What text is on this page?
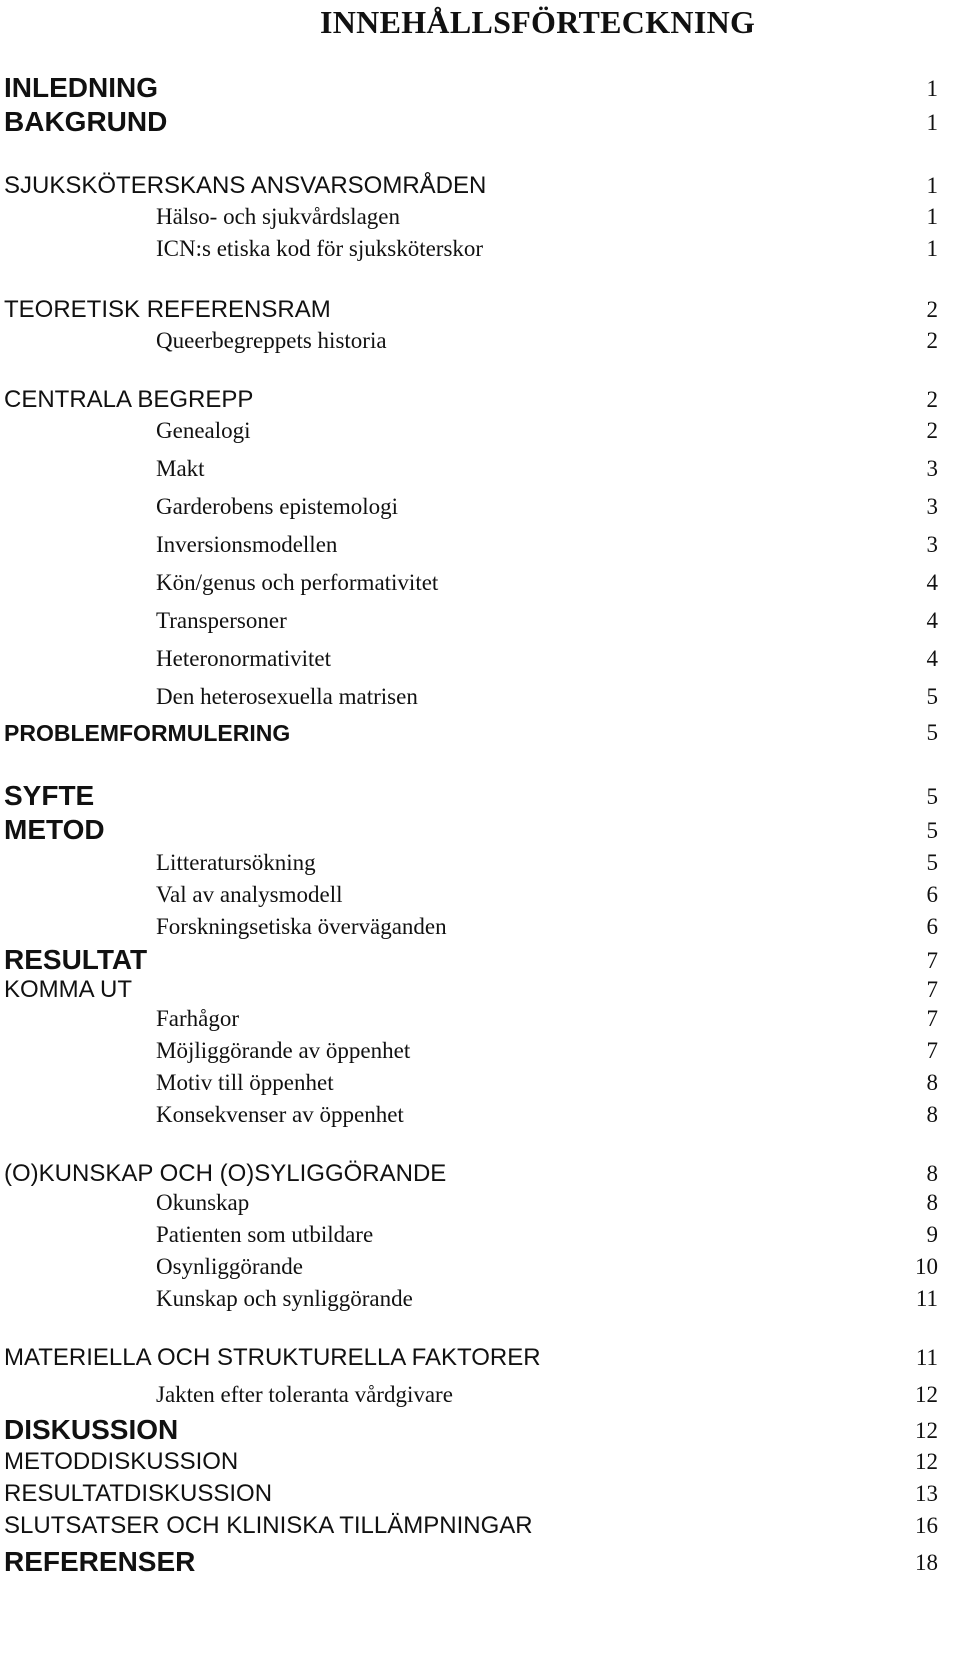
INNEHÅLLSFÖRTECKNING
INLEDNING	1
BAKGRUND	1
SJUKSKÖTERSKANS ANSVARSOMRÅDEN	1
Hälso- och sjukvårdslagen	1
ICN:s etiska kod för sjuksköterskor	1
TEORETISK REFERENSRAM	2
Queerbegreppets historia	2
CENTRALA BEGREPP	2
Genealogi	2
Makt	3
Garderobens epistemologi	3
Inversionsmodellen	3
Kön/genus och performativitet	4
Transpersoner	4
Heteronormativitet	4
Den heterosexuella matrisen	5
PROBLEMFORMULERING	5
SYFTE	5
METOD	5
Litteratursökning	5
Val av analysmodell	6
Forskningsetiska överväganden	6
RESULTAT	7
KOMMA UT	7
Farhågor	7
Möjliggörande av öppenhet	7
Motiv till öppenhet	8
Konsekvenser av öppenhet	8
(O)KUNSKAP OCH (O)SYLIGGÖRANDE	8
Okunskap	8
Patienten som utbildare	9
Osynliggörande	10
Kunskap och synliggörande	11
MATERIELLA OCH STRUKTURELLA FAKTORER	11
Jakten efter toleranta vårdgivare	12
DISKUSSION	12
METODDISKUSSION	12
RESULTATDISKUSSION	13
SLUTSATSER OCH KLINISKA TILLÄMPNINGAR	16
REFERENSER	18
